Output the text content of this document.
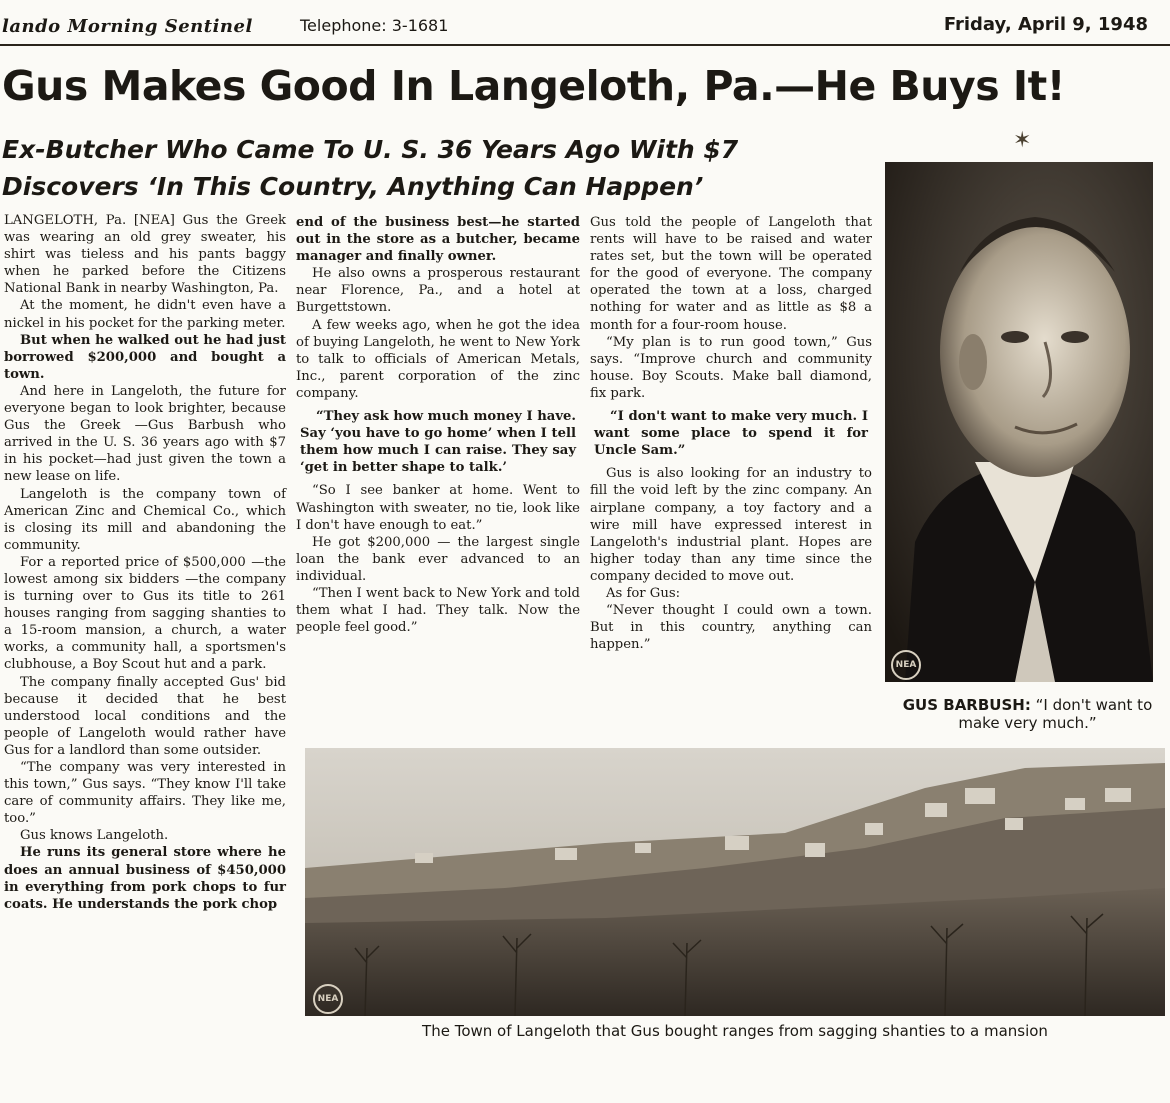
lando Morning Sentinel	Telephone: 3-1681	Friday, April 9, 1948
Gus Makes Good In Langeloth, Pa.—He Buys It!
Ex-Butcher Who Came To U. S. 36 Years Ago With $7
Discovers ‘In This Country, Anything Can Happen’
✶

LANGELOTH, Pa. [NEA] Gus the Greek was wearing an old grey sweater, his shirt was tieless and his pants baggy when he parked before the Citizens National Bank in nearby Washington, Pa.

At the moment, he didn't even have a nickel in his pocket for the parking meter.

But when he walked out he had just borrowed $200,000 and bought a town.

And here in Langeloth, the future for everyone began to look brighter, because Gus the Greek —Gus Barbush who arrived in the U. S. 36 years ago with $7 in his pocket—had just given the town a new lease on life.

Langeloth is the company town of American Zinc and Chemical Co., which is closing its mill and abandoning the community.

For a reported price of $500,000 —the lowest among six bidders —the company is turning over to Gus its title to 261 houses ranging from sagging shanties to a 15-room mansion, a church, a water works, a community hall, a sportsmen's clubhouse, a Boy Scout hut and a park.

The company finally accepted Gus' bid because it decided that he best understood local conditions and the people of Langeloth would rather have Gus for a landlord than some outsider.

“The company was very interested in this town,” Gus says. “They know I'll take care of community affairs. They like me, too.”

Gus knows Langeloth.

He runs its general store where he does an annual business of $450,000 in everything from pork chops to fur coats. He understands the pork chop

end of the business best—he started out in the store as a butcher, became manager and finally owner.

He also owns a prosperous restaurant near Florence, Pa., and a hotel at Burgettstown.

A few weeks ago, when he got the idea of buying Langeloth, he went to New York to talk to officials of American Metals, Inc., parent corporation of the zinc company.

“They ask how much money I have. Say ‘you have to go home’ when I tell them how much I can raise. They say ‘get in better shape to talk.’

“So I see banker at home. Went to Washington with sweater, no tie, look like I don't have enough to eat.”

He got $200,000 — the largest single loan the bank ever advanced to an individual.

“Then I went back to New York and told them what I had. They talk. Now the people feel good.”

Gus told the people of Langeloth that rents will have to be raised and water rates set, but the town will be operated for the good of everyone. The company operated the town at a loss, charged nothing for water and as little as $8 a month for a four-room house.

“My plan is to run good town,” Gus says. “Improve church and community house. Boy Scouts. Make ball diamond, fix park.

“I don't want to make very much. I want some place to spend it for Uncle Sam.”

Gus is also looking for an industry to fill the void left by the zinc company. An airplane company, a toy factory and a wire mill have expressed interest in Langeloth's industrial plant. Hopes are higher today than any time since the company decided to move out.

As for Gus:

“Never thought I could own a town. But in this country, anything can happen.”

NEA
GUS BARBUSH: “I don't want to make very much.”
NEA
The Town of Langeloth that Gus bought ranges from sagging shanties to a mansion
